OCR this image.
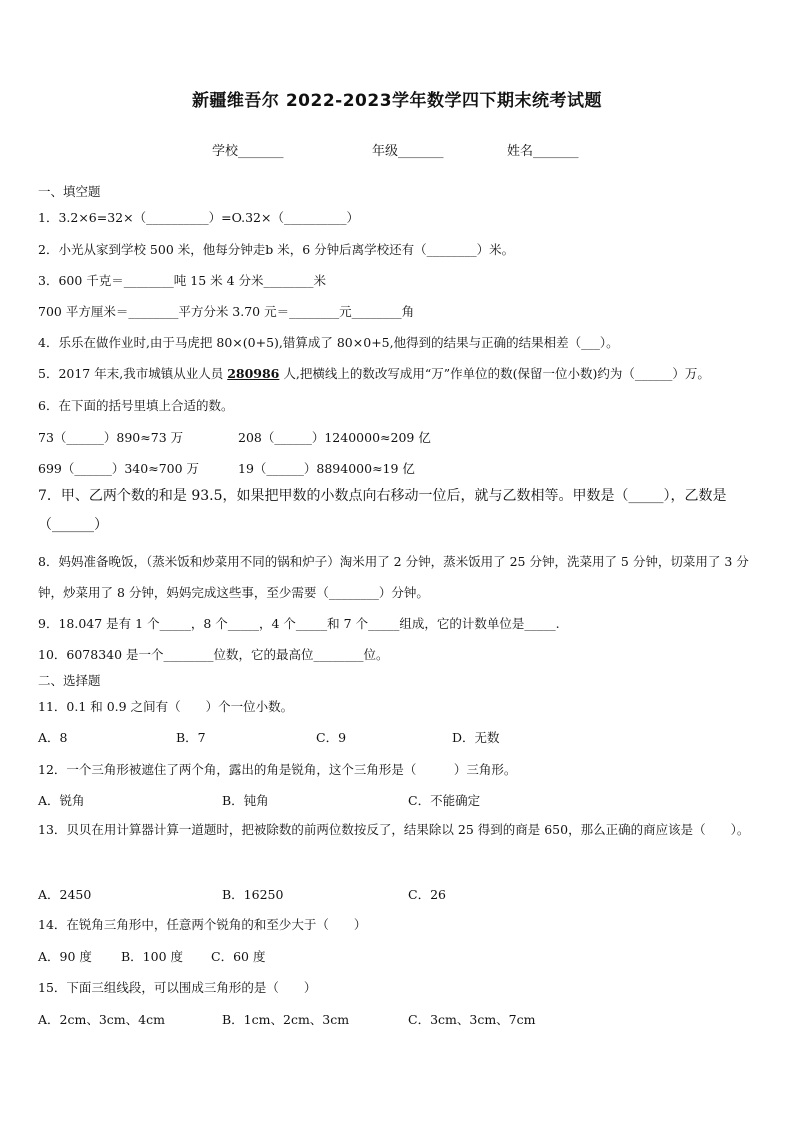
新疆维吾尔 2022-2023学年数学四下期末统考试题
学校_______	年级_______	姓名_______
一、填空题
1．3.2×6=32×（__________）=O.32×（__________）
2．小光从家到学校 500 米，他每分钟走b 米，6 分钟后离学校还有（________）米。
3．600 千克＝________吨 15 米 4 分米________米
700 平方厘米＝________平方分米 3.70 元＝________元________角
4．乐乐在做作业时,由于马虎把 80×(0+5),错算成了 80×0+5,他得到的结果与正确的结果相差（___）。
5．2017 年末,我市城镇从业人员 280986 人,把横线上的数改写成用“万”作单位的数(保留一位小数)约为（______）万。
6．在下面的括号里填上合适的数。
73（______）890≈73 万	208（______）1240000≈209 亿
699（______）340≈700 万	19（______）8894000≈19 亿
7．甲、乙两个数的和是 93.5，如果把甲数的小数点向右移动一位后，就与乙数相等。甲数是（_____），乙数是（______）
8．妈妈准备晚饭，（蒸米饭和炒菜用不同的锅和炉子）淘米用了 2 分钟，蒸米饭用了 25 分钟，洗菜用了 5 分钟，切菜用了 3 分钟，炒菜用了 8 分钟，妈妈完成这些事，至少需要（________）分钟。
9．18.047 是有 1 个_____，8 个_____，4 个_____和 7 个_____组成，它的计数单位是_____.
10．6078340 是一个________位数，它的最高位________位。
二、选择题
11．0.1 和 0.9 之间有（　　）个一位小数。
A．8	B．7	C．9	D．无数
12．一个三角形被遮住了两个角，露出的角是锐角，这个三角形是（　　　）三角形。
A．锐角	B．钝角	C．不能确定
13．贝贝在用计算器计算一道题时，把被除数的前两位数按反了，结果除以 25 得到的商是 650，那么正确的商应该是（　　）。
A．2450	B．16250	C．26
14．在锐角三角形中，任意两个锐角的和至少大于（　　）
A．90 度 B．100 度 C．60 度
15．下面三组线段，可以围成三角形的是（　　）
A．2cm、3cm、4cm	B．1cm、2cm、3cm	C．3cm、3cm、7cm
